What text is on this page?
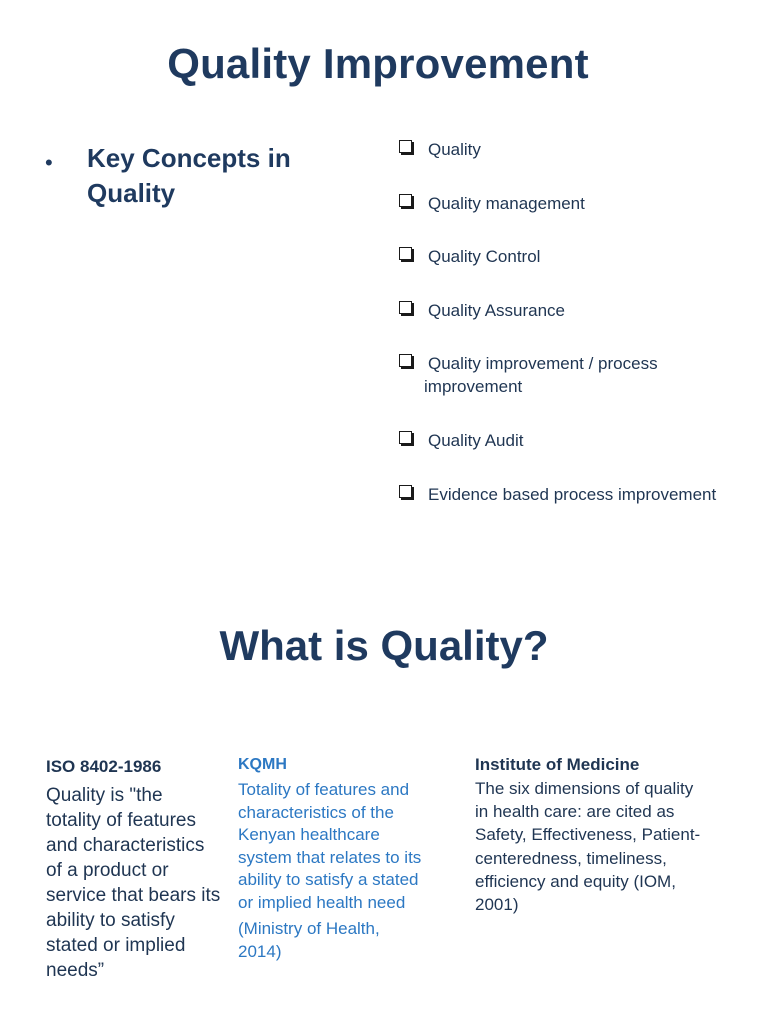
Quality Improvement
• Key Concepts in Quality
Quality
Quality management
Quality Control
Quality Assurance
Quality improvement / process improvement
Quality Audit
Evidence based process improvement
What is Quality?
ISO 8402-1986
Quality is "the totality of features and characteristics of a product or service that bears its ability to satisfy stated or implied needs”
KQMH
Totality of features and characteristics of the Kenyan healthcare system that relates to its ability to satisfy a stated or implied health need
(Ministry of Health, 2014)
Institute of Medicine
The six dimensions of quality in health care: are cited as Safety, Effectiveness, Patient-centeredness, timeliness, efficiency and equity (IOM, 2001)
